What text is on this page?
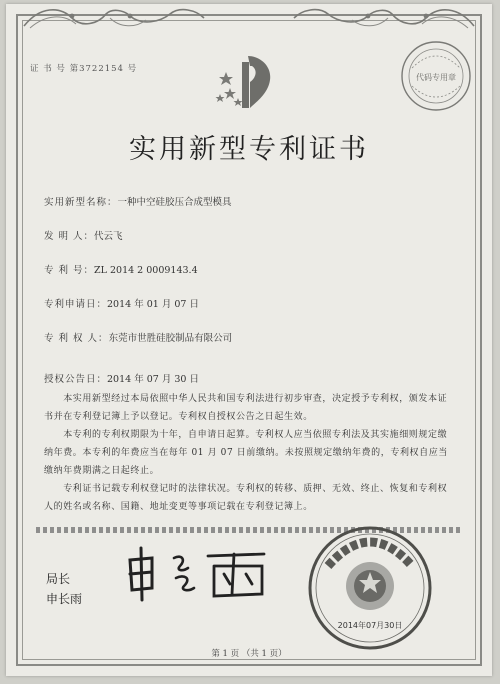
证 书 号 第3722154 号
代码专用章
实用新型专利证书
实用新型名称：一种中空硅胶压合成型模具
发 明 人：代云飞
专 利 号：ZL 2014 2 0009143.4
专利申请日：2014 年 01 月 07 日
专 利 权 人：东莞市世胜硅胶制品有限公司
授权公告日：2014 年 07 月 30 日

　　本实用新型经过本局依照中华人民共和国专利法进行初步审查，决定授予专利权，颁发本证书并在专利登记簿上予以登记。专利权自授权公告之日起生效。

　　本专利的专利权期限为十年，自申请日起算。专利权人应当依照专利法及其实施细则规定缴纳年费。本专利的年费应当在每年 01 月 07 日前缴纳。未按照规定缴纳年费的，专利权自应当缴纳年费期满之日起终止。

　　专利证书记载专利权登记时的法律状况。专利权的转移、质押、无效、终止、恢复和专利权人的姓名或名称、国籍、地址变更等事项记载在专利登记簿上。

局长
申长雨
2014年07月30日
第 1 页 （共 1 页）
